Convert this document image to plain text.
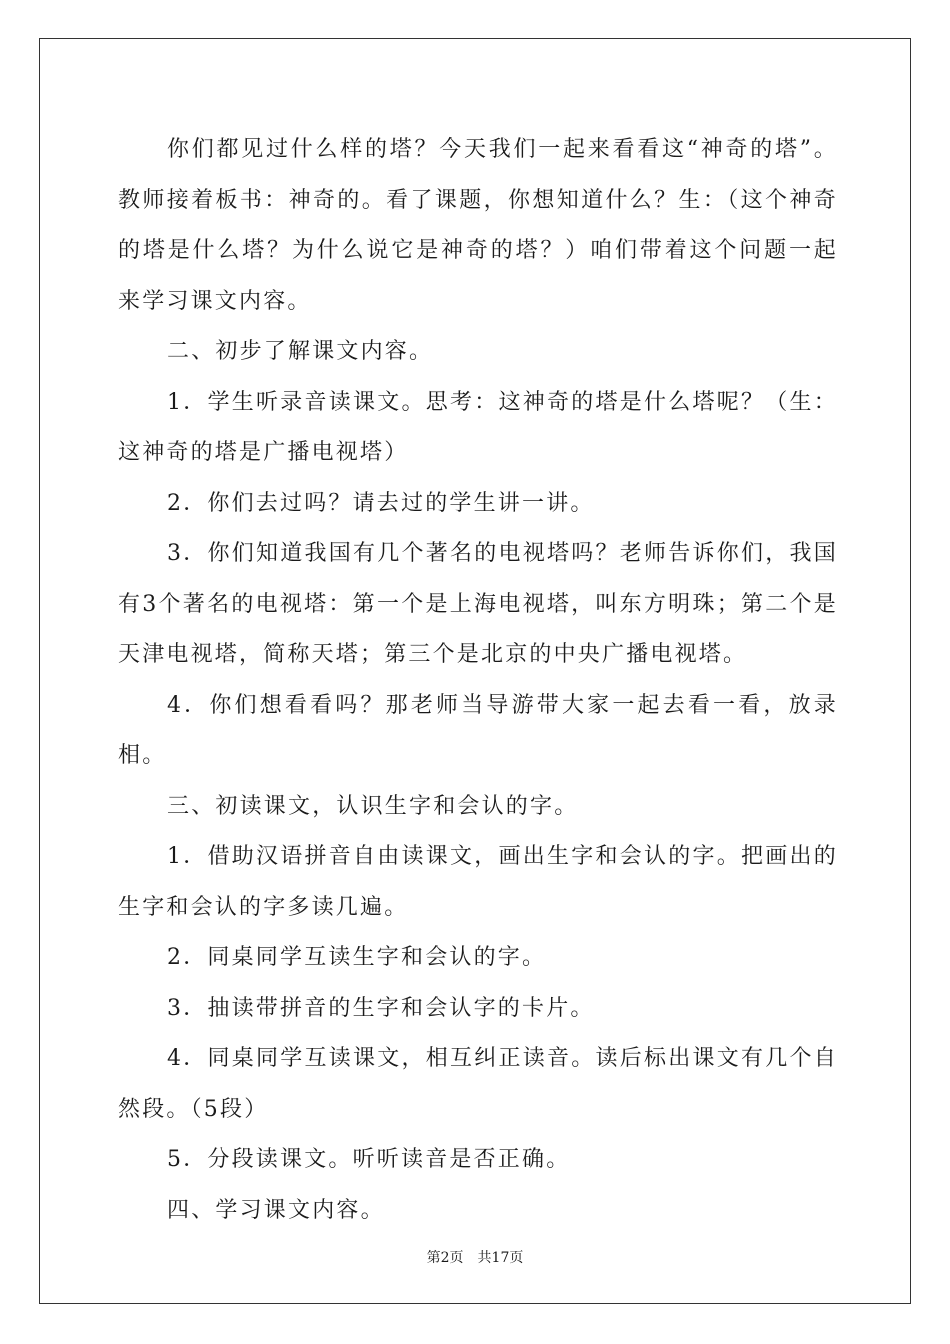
你们都见过什么样的塔？今天我们一起来看看这“神奇的塔”。教师接着板书：神奇的。看了课题，你想知道什么？生：（这个神奇的塔是什么塔？为什么说它是神奇的塔？）咱们带着这个问题一起来学习课文内容。

二、初步了解课文内容。

1．学生听录音读课文。思考：这神奇的塔是什么塔呢？（生：这神奇的塔是广播电视塔）

2．你们去过吗？请去过的学生讲一讲。

3．你们知道我国有几个著名的电视塔吗？老师告诉你们，我国有3个著名的电视塔：第一个是上海电视塔，叫东方明珠；第二个是天津电视塔，简称天塔；第三个是北京的中央广播电视塔。

4．你们想看看吗？那老师当导游带大家一起去看一看，放录相。

三、初读课文，认识生字和会认的字。

1．借助汉语拼音自由读课文，画出生字和会认的字。把画出的生字和会认的字多读几遍。

2．同桌同学互读生字和会认的字。

3．抽读带拼音的生字和会认字的卡片。

4．同桌同学互读课文，相互纠正读音。读后标出课文有几个自然段。（5段）

5．分段读课文。听听读音是否正确。

四、学习课文内容。

第2页 共17页
